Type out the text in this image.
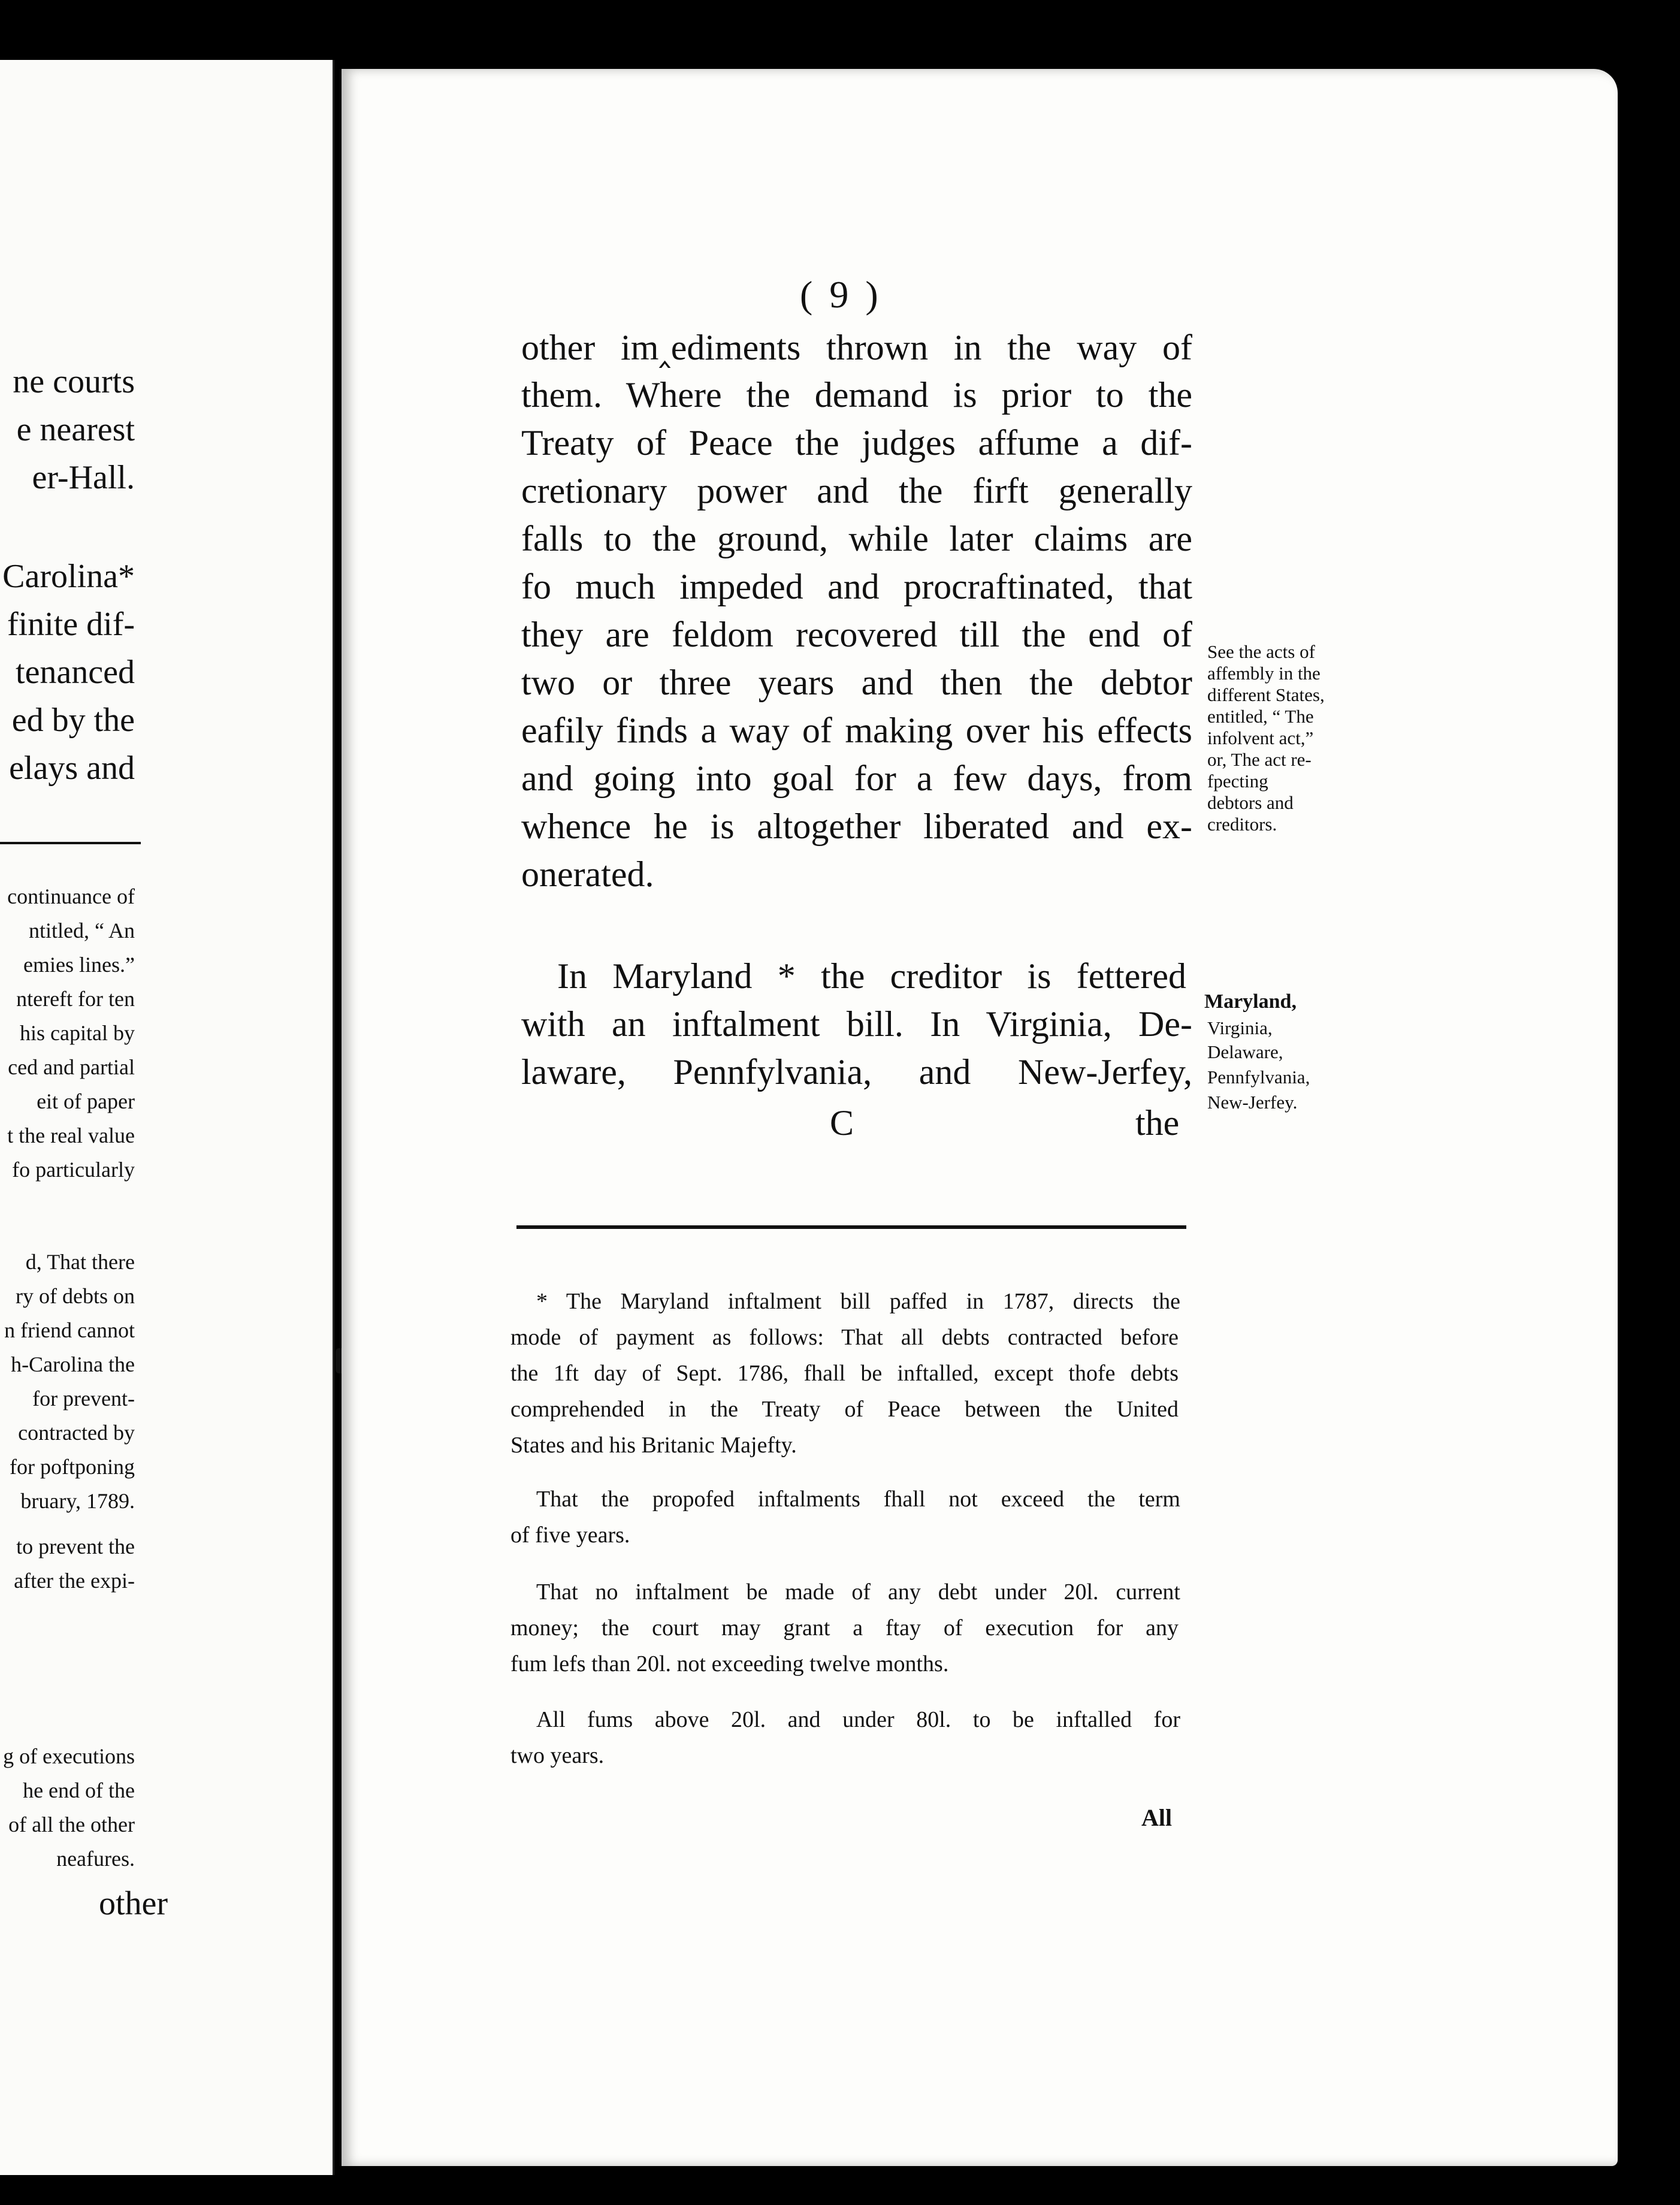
ne courts
e nearest
er-Hall.
Carolina*
finite dif-
tenanced
ed by the
elays and
continuance of
ntitled, “ An
emies lines.”
ntereft for ten
his capital by
ced and partial
eit of paper
t the real value
fo particularly
d, That there
ry of debts on
n friend cannot
h-Carolina the
for prevent-
contracted by
for poftponing
bruary, 1789.
to prevent the
after the expi-
g of executions
he end of the
of all the other
neafures.
other
( 9 )
other im‸ediments thrown in the way of
them. Where the demand is prior to the
Treaty of Peace the judges affume a dif-
cretionary power and the firft generally
falls to the ground, while later claims are
fo much impeded and procraftinated, that
they are feldom recovered till the end of
two or three years and then the debtor
eafily finds a way of making over his effects
and going into goal for a few days, from
whence he is altogether liberated and ex-
onerated.
In Maryland * the creditor is fettered
with an inftalment bill. In Virginia, De-
laware, Pennfylvania, and New-Jerfey,
C	the
See the acts of
affembly in the
different States,
entitled, “ The
infolvent act,”
or, The act re-
fpecting
debtors and
creditors.
Maryland,
Virginia,
Delaware,
Pennfylvania,
New-Jerfey.
* The Maryland inftalment bill paffed in 1787, directs the
mode of payment as follows: That all debts contracted before
the 1ft day of Sept. 1786, fhall be inftalled, except thofe debts
comprehended in the Treaty of Peace between the United
States and his Britanic Majefty.
That the propofed inftalments fhall not exceed the term
of five years.
That no inftalment be made of any debt under 20l. current
money; the court may grant a ftay of execution for any
fum lefs than 20l. not exceeding twelve months.
All fums above 20l. and under 80l. to be inftalled for
two years.
All
